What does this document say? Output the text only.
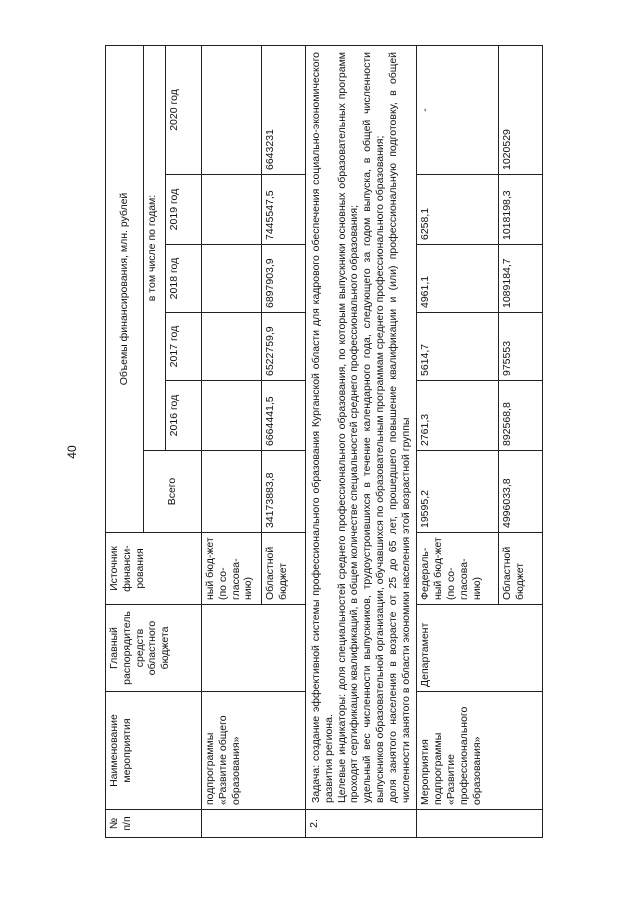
40
№ п/п	Наименование мероприятия	Главный распорядитель средств областного бюджета	Источник финанси-рования	Объемы финансирования, млн. рублей					
				Всего	в том числе по годам:				
					2016 год	2017 год	2018 год	2019 год	2020 год
	подпрограммы «Развитие общего образования»		ный бюд-жет (по со-гласова-нию)						
			Областной бюджет	34173883,8	6664441,5	6522759,9	6897903,9	7445547,5	6643231
2.	Задача: создание эффективной системы профессионального образования Курганской области для кадрового обеспечения социально-экономического развития региона.
Целевые индикаторы: доля специальностей среднего профессионального образования, по которым выпускники основных образовательных программ проходят сертификацию квалификаций, в общем количестве специальностей среднего профессионального образования;
удельный вес численности выпускников, трудоустроившихся в течение календарного года, следующего за годом выпуска, в общей численности выпускников образовательной организации, обучавшихся по образовательным программам среднего профессионального образования;
доля занятого населения в возрасте от 25 до 65 лет, прошедшего повышение квалификации и (или) профессиональную подготовку, в общей численности занятого в области экономики населения этой возрастной группы								
	Мероприятия подпрограммы «Развитие профессионального образования»	Департамент	Федераль-ный бюд-жет (по со-гласова-нию)	19595,2	2761,3	5614,7	4961,1	6258,1	-
			Областной бюджет	4996033,8	892568,8	975553	1089184,7	1018198,3	1020529
